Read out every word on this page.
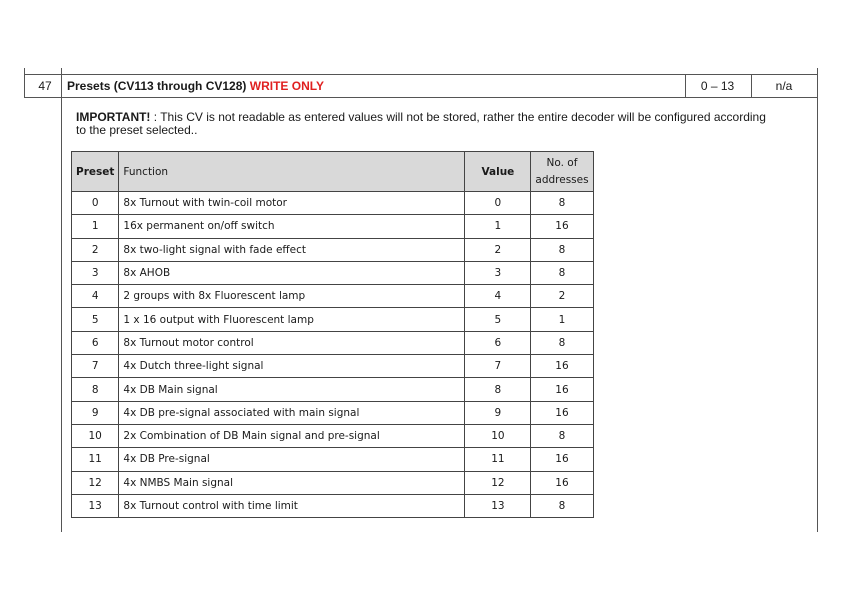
47	Presets (CV113 through CV128) WRITE ONLY	0 – 13	n/a
IMPORTANT! : This CV is not readable as entered values will not be stored, rather the entire decoder will be configured according to the preset selected..
Preset	Function	Value	No. of
addresses
0	8x Turnout with twin-coil motor	0	8
1	16x permanent on/off switch	1	16
2	8x two-light signal with fade effect	2	8
3	8x AHOB	3	8
4	2 groups with 8x Fluorescent lamp	4	2
5	1 x 16 output with Fluorescent lamp	5	1
6	8x Turnout motor control	6	8
7	4x Dutch three-light signal	7	16
8	4x DB Main signal	8	16
9	4x DB pre-signal associated with main signal	9	16
10	2x Combination of DB Main signal and pre-signal	10	8
11	4x DB Pre-signal	11	16
12	4x NMBS Main signal	12	16
13	8x Turnout control with time limit	13	8
